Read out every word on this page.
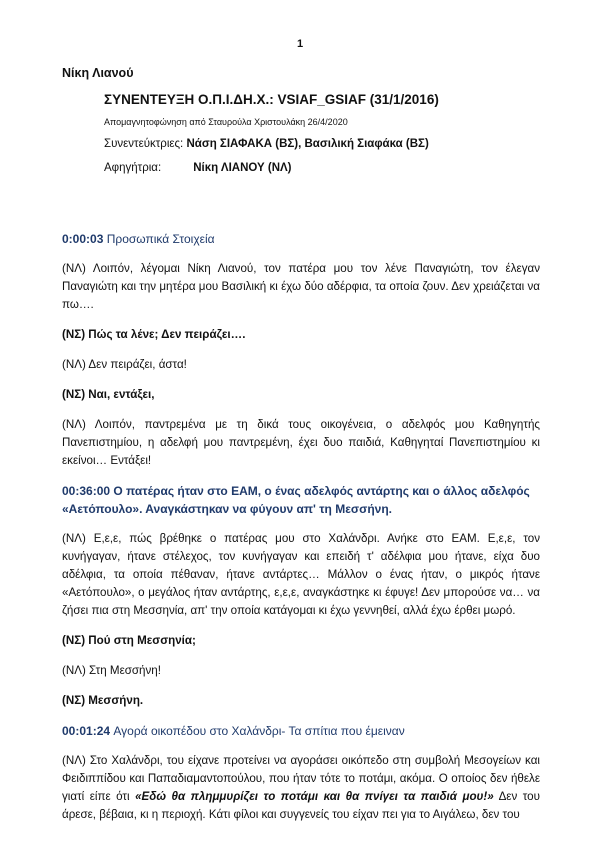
1
Νίκη Λιανού
ΣΥΝΕΝΤΕΥΞΗ Ο.Π.Ι.ΔΗ.Χ.: VSIAF_GSIAF (31/1/2016)
Απομαγνητοφώνηση από Σταυρούλα Χριστουλάκη 26/4/2020
Συνεντεύκτριες: Νάση ΣΙΑΦΑΚΑ (ΒΣ), Βασιλική Σιαφάκα (ΒΣ)
Αφηγήτρια:	Νίκη ΛΙΑΝΟΥ (ΝΛ)
0:00:03 Προσωπικά Στοιχεία

(ΝΛ) Λοιπόν, λέγομαι Νίκη Λιανού, τον πατέρα μου τον λένε Παναγιώτη, τον έλεγαν Παναγιώτη και την μητέρα μου Βασιλική κι έχω δύο αδέρφια, τα οποία ζουν. Δεν χρειάζεται να πω….

(ΝΣ) Πώς τα λένε; Δεν πειράζει….

(ΝΛ) Δεν πειράζει, άστα!

(ΝΣ) Ναι, εντάξει,

(ΝΛ) Λοιπόν, παντρεμένα με τη δικά τους οικογένεια, ο αδελφός μου Καθηγητής Πανεπιστημίου, η αδελφή μου παντρεμένη, έχει δυο παιδιά, Καθηγηταί Πανεπιστημίου κι εκείνοι… Εντάξει!

00:36:00 Ο πατέρας ήταν στο ΕΑΜ, ο ένας αδελφός αντάρτης και ο άλλος αδελφός «Αετόπουλο». Αναγκάστηκαν να φύγουν απ' τη Μεσσήνη.

(ΝΛ) Ε,ε,ε, πώς βρέθηκε ο πατέρας μου στο Χαλάνδρι. Ανήκε στο ΕΑΜ. Ε,ε,ε, τον κυνήγαγαν, ήτανε στέλεχος, τον κυνήγαγαν και επειδή τ' αδέλφια μου ήτανε, είχα δυο αδέλφια, τα οποία πέθαναν, ήτανε αντάρτες… Μάλλον ο ένας ήταν, ο μικρός ήτανε «Αετόπουλο», ο μεγάλος ήταν αντάρτης, ε,ε,ε, αναγκάστηκε κι έφυγε! Δεν μπορούσε να… να ζήσει πια στη Μεσσηνία, απ' την οποία κατάγομαι κι έχω γεννηθεί, αλλά έχω έρθει μωρό.

(ΝΣ) Πού στη Μεσσηνία;

(ΝΛ) Στη Μεσσήνη!

(ΝΣ) Μεσσήνη.

00:01:24 Αγορά οικοπέδου στο Χαλάνδρι- Τα σπίτια που έμειναν

(ΝΛ) Στο Χαλάνδρι, του είχανε προτείνει να αγοράσει οικόπεδο στη συμβολή Μεσογείων και Φειδιππίδου και Παπαδιαμαντοπούλου, που ήταν τότε το ποτάμι, ακόμα. Ο οποίος δεν ήθελε γιατί είπε ότι «Εδώ θα πλημμυρίζει το ποτάμι και θα πνίγει τα παιδιά μου!» Δεν του άρεσε, βέβαια, κι η περιοχή. Κάτι φίλοι και συγγενείς του είχαν πει για το Αιγάλεω, δεν του
